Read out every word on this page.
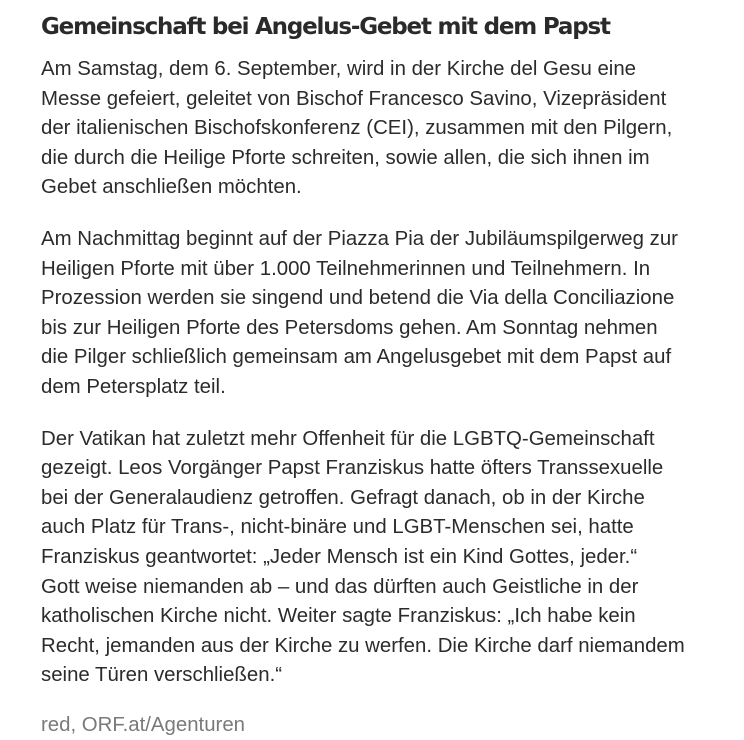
Gemeinschaft bei Angelus-Gebet mit dem Papst

Am Samstag, dem 6. September, wird in der Kirche del Gesu eine
Messe gefeiert, geleitet von Bischof Francesco Savino, Vizepräsident
der italienischen Bischofskonferenz (CEI), zusammen mit den Pilgern,
die durch die Heilige Pforte schreiten, sowie allen, die sich ihnen im
Gebet anschließen möchten.

Am Nachmittag beginnt auf der Piazza Pia der Jubiläumspilgerweg zur
Heiligen Pforte mit über 1.000 Teilnehmerinnen und Teilnehmern. In
Prozession werden sie singend und betend die Via della Conciliazione
bis zur Heiligen Pforte des Petersdoms gehen. Am Sonntag nehmen
die Pilger schließlich gemeinsam am Angelusgebet mit dem Papst auf
dem Petersplatz teil.

Der Vatikan hat zuletzt mehr Offenheit für die LGBTQ-Gemeinschaft
gezeigt. Leos Vorgänger Papst Franziskus hatte öfters Transsexuelle
bei der Generalaudienz getroffen. Gefragt danach, ob in der Kirche
auch Platz für Trans-, nicht-binäre und LGBT-Menschen sei, hatte
Franziskus geantwortet: „Jeder Mensch ist ein Kind Gottes, jeder.“
Gott weise niemanden ab – und das dürften auch Geistliche in der
katholischen Kirche nicht. Weiter sagte Franziskus: „Ich habe kein
Recht, jemanden aus der Kirche zu werfen. Die Kirche darf niemandem
seine Türen verschließen.“

red, ORF.at/Agenturen
